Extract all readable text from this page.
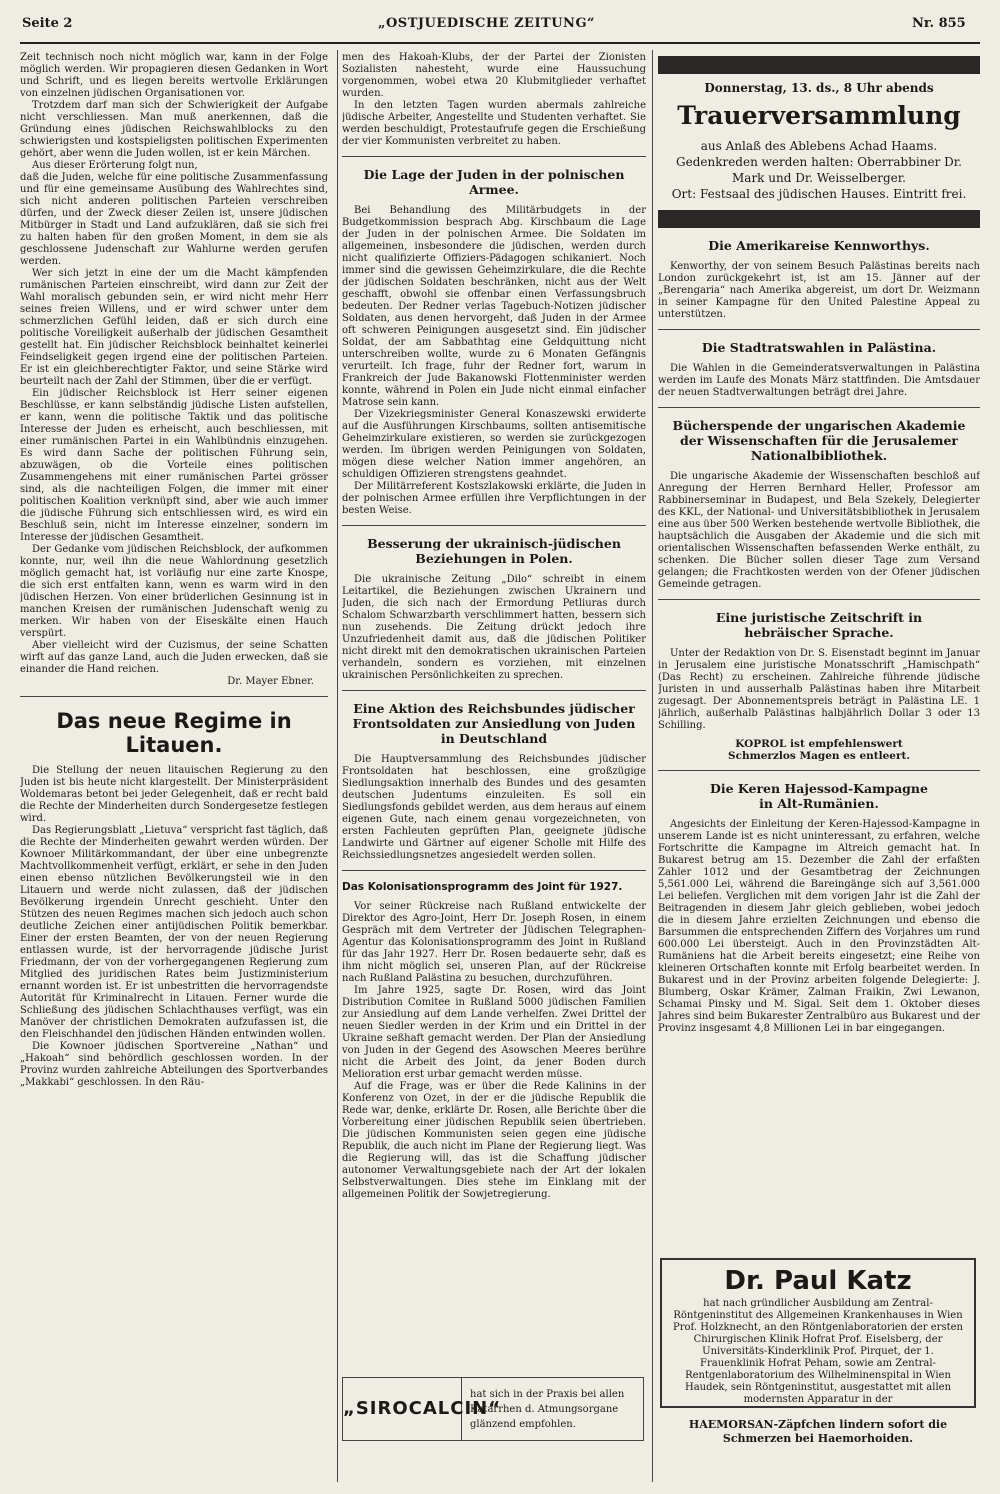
Seite 2	„OSTJUEDISCHE ZEITUNG“	Nr. 855

Zeit technisch noch nicht möglich war, kann in der Folge möglich werden. Wir propagieren diesen Gedanken in Wort und Schrift, und es liegen bereits wertvolle Erklärungen von einzelnen jüdischen Organisationen vor.

Trotzdem darf man sich der Schwierigkeit der Aufgabe nicht verschliessen. Man muß anerkennen, daß die Gründung eines jüdischen Reichswahlblocks zu den schwierigsten und kostspieligsten politischen Experimenten gehört, aber wenn die Juden wollen, ist er kein Märchen.

Aus dieser Erörterung folgt nun,
daß die Juden, welche für eine politische Zusammenfassung und für eine gemeinsame Ausübung des Wahlrechtes sind, sich nicht anderen politischen Parteien verschreiben dürfen, und der Zweck dieser Zeilen ist, unsere jüdischen Mitbürger in Stadt und Land aufzuklären, daß sie sich frei zu halten haben für den großen Moment, in dem sie als geschlossene Judenschaft zur Wahlurne werden gerufen werden.

Wer sich jetzt in eine der um die Macht kämpfenden rumänischen Parteien einschreibt, wird dann zur Zeit der Wahl moralisch gebunden sein, er wird nicht mehr Herr seines freien Willens, und er wird schwer unter dem schmerzlichen Gefühl leiden, daß er sich durch eine politische Voreiligkeit außerhalb der jüdischen Gesamtheit gestellt hat. Ein jüdischer Reichsblock beinhaltet keinerlei Feindseligkeit gegen irgend eine der politischen Parteien. Er ist ein gleichberechtigter Faktor, und seine Stärke wird beurteilt nach der Zahl der Stimmen, über die er verfügt.

Ein jüdischer Reichsblock ist Herr seiner eigenen Beschlüsse, er kann selbständig jüdische Listen aufstellen, er kann, wenn die politische Taktik und das politische Interesse der Juden es erheischt, auch beschliessen, mit einer rumänischen Partei in ein Wahlbündnis einzugehen. Es wird dann Sache der politischen Führung sein, abzuwägen, ob die Vorteile eines politischen Zusammengehens mit einer rumänischen Partei grösser sind, als die nachteiligen Folgen, die immer mit einer politischen Koalition verknüpft sind, aber wie auch immer die jüdische Führung sich entschliessen wird, es wird ein Beschluß sein, nicht im Interesse einzelner, sondern im Interesse der jüdischen Gesamtheit.

Der Gedanke vom jüdischen Reichsblock, der aufkommen konnte, nur, weil ihn die neue Wahlordnung gesetzlich möglich gemacht hat, ist vorläufig nur eine zarte Knospe, die sich erst entfalten kann, wenn es warm wird in den jüdischen Herzen. Von einer brüderlichen Gesinnung ist in manchen Kreisen der rumänischen Judenschaft wenig zu merken. Wir haben von der Eiseskälte einen Hauch verspürt.

Aber vielleicht wird der Cuzismus, der seine Schatten wirft auf das ganze Land, auch die Juden erwecken, daß sie einander die Hand reichen.

Dr. Mayer Ebner.
Das neue Regime in Litauen.

Die Stellung der neuen litauischen Regierung zu den Juden ist bis heute nicht klargestellt. Der Ministerpräsident Woldemaras betont bei jeder Gelegenheit, daß er recht bald die Rechte der Minderheiten durch Sondergesetze festlegen wird.

Das Regierungsblatt „Lietuva“ verspricht fast täglich, daß die Rechte der Minderheiten gewahrt werden würden. Der Kownoer Militärkommandant, der über eine unbegrenzte Machtvollkommenheit verfügt, erklärt, er sehe in den Juden einen ebenso nützlichen Bevölkerungsteil wie in den Litauern und werde nicht zulassen, daß der jüdischen Bevölkerung irgendein Unrecht geschieht. Unter den Stützen des neuen Regimes machen sich jedoch auch schon deutliche Zeichen einer antijüdischen Politik bemerkbar. Einer der ersten Beamten, der von der neuen Regierung entlassen wurde, ist der hervorragende jüdische Jurist Friedmann, der von der vorhergegangenen Regierung zum Mitglied des juridischen Rates beim Justizministerium ernannt worden ist. Er ist unbestritten die hervorragendste Autorität für Kriminalrecht in Litauen. Ferner wurde die Schließung des jüdischen Schlachthauses verfügt, was ein Manöver der christlichen Demokraten aufzufassen ist, die den Fleischhandel den jüdischen Händen entwinden wollen.

Die Kownoer jüdischen Sportvereine „Nathan“ und „Hakoah“ sind behördlich geschlossen worden. In der Provinz wurden zahlreiche Abteilungen des Sportverbandes „Makkabi“ geschlossen. In den Räu-

men des Hakoah-Klubs, der der Partei der Zionisten Sozialisten nahesteht, wurde eine Haussuchung vorgenommen, wobei etwa 20 Klubmitglieder verhaftet wurden.

In den letzten Tagen wurden abermals zahlreiche jüdische Arbeiter, Angestellte und Studenten verhaftet. Sie werden beschuldigt, Protestaufrufe gegen die Erschießung der vier Kommunisten verbreitet zu haben.

Die Lage der Juden in der polnischen
Armee.

Bei Behandlung des Militärbudgets in der Budgetkommission besprach Abg. Kirschbaum die Lage der Juden in der polnischen Armee. Die Soldaten im allgemeinen, insbesondere die jüdischen, werden durch nicht qualifizierte Offiziers-Pädagogen schikaniert. Noch immer sind die gewissen Geheimzirkulare, die die Rechte der jüdischen Soldaten beschränken, nicht aus der Welt geschafft, obwohl sie offenbar einen Verfassungsbruch bedeuten. Der Redner verlas Tagebuch-Notizen jüdischer Soldaten, aus denen hervorgeht, daß Juden in der Armee oft schweren Peinigungen ausgesetzt sind. Ein jüdischer Soldat, der am Sabbathtag eine Geldquittung nicht unterschreiben wollte, wurde zu 6 Monaten Gefängnis verurteilt. Ich frage, fuhr der Redner fort, warum in Frankreich der Jude Bakanowski Flottenminister werden konnte, während in Polen ein Jude nicht einmal einfacher Matrose sein kann.

Der Vizekriegsminister General Konaszewski erwiderte auf die Ausführungen Kirschbaums, sollten antisemitische Geheimzirkulare existieren, so werden sie zurückgezogen werden. Im übrigen werden Peinigungen von Soldaten, mögen diese welcher Nation immer angehören, an schuldigen Offizieren strengstens geahndet.

Der Militärreferent Kostszlakowski erklärte, die Juden in der polnischen Armee erfüllen ihre Verpflichtungen in der besten Weise.

Besserung der ukrainisch-jüdischen
Beziehungen in Polen.

Die ukrainische Zeitung „Dilo“ schreibt in einem Leitartikel, die Beziehungen zwischen Ukrainern und Juden, die sich nach der Ermordung Petliuras durch Schalom Schwarzbarth verschlimmert hatten, bessern sich nun zusehends. Die Zeitung drückt jedoch ihre Unzufriedenheit damit aus, daß die jüdischen Politiker nicht direkt mit den demokratischen ukrainischen Parteien verhandeln, sondern es vorziehen, mit einzelnen ukrainischen Persönlichkeiten zu sprechen.

Eine Aktion des Reichsbundes jüdischer
Frontsoldaten zur Ansiedlung von Juden
in Deutschland

Die Hauptversammlung des Reichsbundes jüdischer Frontsoldaten hat beschlossen, eine großzügige Siedlungsaktion innerhalb des Bundes und des gesamten deutschen Judentums einzuleiten. Es soll ein Siedlungsfonds gebildet werden, aus dem heraus auf einem eigenen Gute, nach einem genau vorgezeichneten, von ersten Fachleuten geprüften Plan, geeignete jüdische Landwirte und Gärtner auf eigener Scholle mit Hilfe des Reichssiedlungsnetzes angesiedelt werden sollen.

Das Kolonisationsprogramm des Joint für 1927.

Vor seiner Rückreise nach Rußland entwickelte der Direktor des Agro-Joint, Herr Dr. Joseph Rosen, in einem Gespräch mit dem Vertreter der Jüdischen Telegraphen-Agentur das Kolonisationsprogramm des Joint in Rußland für das Jahr 1927. Herr Dr. Rosen bedauerte sehr, daß es ihm nicht möglich sei, unseren Plan, auf der Rückreise nach Rußland Palästina zu besuchen, durchzuführen.

Im Jahre 1925, sagte Dr. Rosen, wird das Joint Distribution Comitee in Rußland 5000 jüdischen Familien zur Ansiedlung auf dem Lande verhelfen. Zwei Drittel der neuen Siedler werden in der Krim und ein Drittel in der Ukraine seßhaft gemacht werden. Der Plan der Ansiedlung von Juden in der Gegend des Asowschen Meeres berühre nicht die Arbeit des Joint, da jener Boden durch Melioration erst urbar gemacht werden müsse.

Auf die Frage, was er über die Rede Kalinins in der Konferenz von Ozet, in der er die jüdische Republik die Rede war, denke, erklärte Dr. Rosen, alle Berichte über die Vorbereitung einer jüdischen Republik seien übertrieben. Die jüdischen Kommunisten seien gegen eine jüdische Republik, die auch nicht im Plane der Regierung liegt. Was die Regierung will, das ist die Schaffung jüdischer autonomer Verwaltungsgebiete nach der Art der lokalen Selbstverwaltungen. Dies stehe im Einklang mit der allgemeinen Politik der Sowjetregierung.

„SIROCALCIN“
hat sich in der Praxis bei allen Katarrhen d. Atmungsorgane glänzend empfohlen.
Donnerstag, 13. ds., 8 Uhr abends
Trauerversammlung
aus Anlaß des Ablebens Achad Haams.
Gedenkreden werden halten: Oberrabbiner Dr.
Mark und Dr. Weisselberger.
Ort: Festsaal des jüdischen Hauses. Eintritt frei.
Die Amerikareise Kennworthys.

Kenworthy, der von seinem Besuch Palästinas bereits nach London zurückgekehrt ist, ist am 15. Jänner auf der „Berengaria“ nach Amerika abgereist, um dort Dr. Weizmann in seiner Kampagne für den United Palestine Appeal zu unterstützen.

Die Stadtratswahlen in Palästina.

Die Wahlen in die Gemeinderatsverwaltungen in Palästina werden im Laufe des Monats März stattfinden. Die Amtsdauer der neuen Stadtverwaltungen beträgt drei Jahre.

Bücherspende der ungarischen Akademie
der Wissenschaften für die Jerusalemer
Nationalbibliothek.

Die ungarische Akademie der Wissenschaften beschloß auf Anregung der Herren Bernhard Heller, Professor am Rabbinerseminar in Budapest, und Bela Szekely, Delegierter des KKL, der National- und Universitätsbibliothek in Jerusalem eine aus über 500 Werken bestehende wertvolle Bibliothek, die hauptsächlich die Ausgaben der Akademie und die sich mit orientalischen Wissenschaften befassenden Werke enthält, zu schenken. Die Bücher sollen dieser Tage zum Versand gelangen; die Frachtkosten werden von der Ofener jüdischen Gemeinde getragen.

Eine juristische Zeitschrift in
hebräischer Sprache.

Unter der Redaktion von Dr. S. Eisenstadt beginnt im Januar in Jerusalem eine juristische Monatsschrift „Hamischpath“ (Das Recht) zu erscheinen. Zahlreiche führende jüdische Juristen in und ausserhalb Palästinas haben ihre Mitarbeit zugesagt. Der Abonnementspreis beträgt in Palästina LE. 1 jährlich, außerhalb Palästinas halbjährlich Dollar 3 oder 13 Schilling.

KOPROL ist empfehlenswert
Schmerzlos Magen es entleert.
Die Keren Hajessod-Kampagne
in Alt-Rumänien.

Angesichts der Einleitung der Keren-Hajessod-Kampagne in unserem Lande ist es nicht uninteressant, zu erfahren, welche Fortschritte die Kampagne im Altreich gemacht hat. In Bukarest betrug am 15. Dezember die Zahl der erfaßten Zahler 1012 und der Gesamtbetrag der Zeichnungen 5,561.000 Lei, während die Bareingänge sich auf 3,561.000 Lei beliefen. Verglichen mit dem vorigen Jahr ist die Zahl der Beitragenden in diesem Jahr gleich geblieben, wobei jedoch die in diesem Jahre erzielten Zeichnungen und ebenso die Barsummen die entsprechenden Ziffern des Vorjahres um rund 600.000 Lei übersteigt. Auch in den Provinzstädten Alt-Rumäniens hat die Arbeit bereits eingesetzt; eine Reihe von kleineren Ortschaften konnte mit Erfolg bearbeitet werden. In Bukarest und in der Provinz arbeiten folgende Delegierte: J. Blumberg, Oskar Krämer, Zalman Fraikin, Zwi Lewanon, Schamai Pinsky und M. Sigal. Seit dem 1. Oktober dieses Jahres sind beim Bukarester Zentralbüro aus Bukarest und der Provinz insgesamt 4,8 Millionen Lei in bar eingegangen.

Dr. Paul Katz
hat nach gründlicher Ausbildung am Zentral-Röntgeninstitut des Allgemeinen Krankenhauses in Wien Prof. Holzknecht, an den Röntgenlaboratorien der ersten Chirurgischen Klinik Hofrat Prof. Eiselsberg, der Universitäts-Kinderklinik Prof. Pirquet, der 1. Frauenklinik Hofrat Peham, sowie am Zentral-Rentgenlaboratorium des Wilhelminenspital in Wien Haudek, sein Röntgeninstitut, ausgestattet mit allen modernsten Apparatur in der
HAEMORSAN-Zäpfchen lindern sofort die Schmerzen bei Haemorhoiden.
